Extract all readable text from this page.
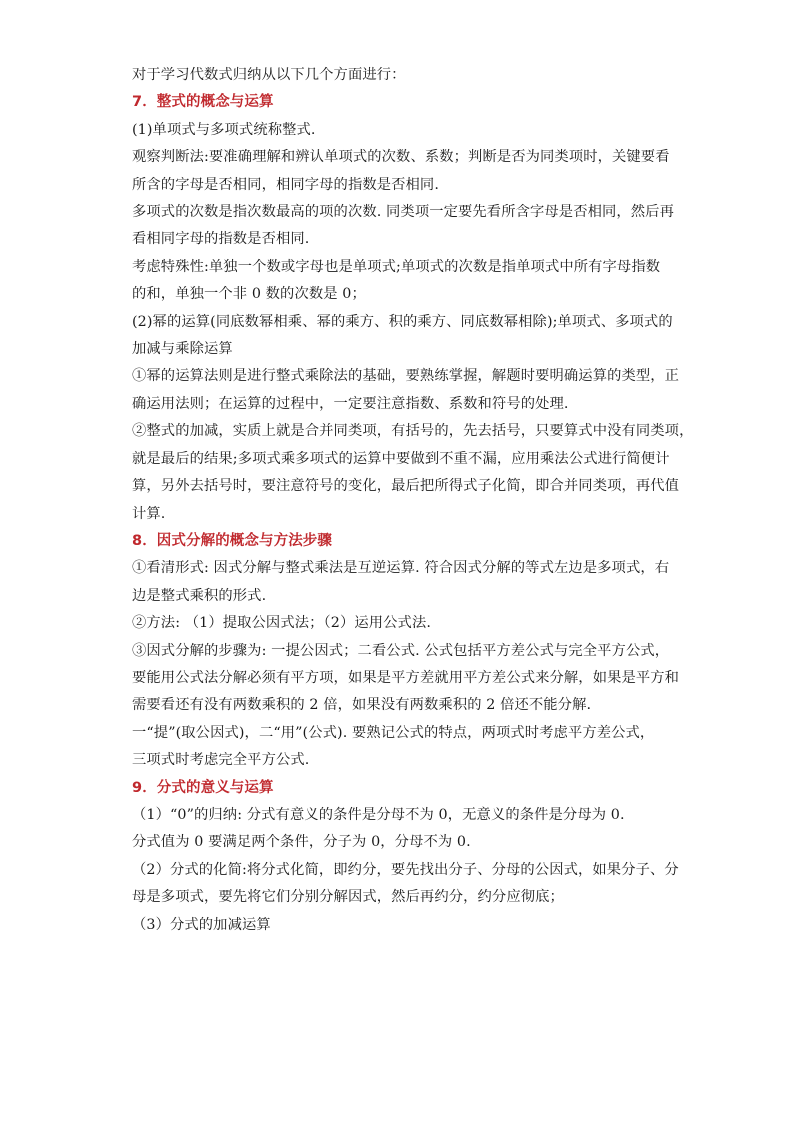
对于学习代数式归纳从以下几个方面进行：

7．整式的概念与运算

(1)单项式与多项式统称整式.

观察判断法:要准确理解和辨认单项式的次数、系数；判断是否为同类项时，关键要看

所含的字母是否相同，相同字母的指数是否相同.

多项式的次数是指次数最高的项的次数. 同类项一定要先看所含字母是否相同，然后再

看相同字母的指数是否相同.

考虑特殊性:单独一个数或字母也是单项式;单项式的次数是指单项式中所有字母指数

的和，单独一个非 0 数的次数是 0；

(2)幂的运算(同底数幂相乘、幂的乘方、积的乘方、同底数幂相除);单项式、多项式的

加减与乘除运算

①幂的运算法则是进行整式乘除法的基础，要熟练掌握，解题时要明确运算的类型，正

确运用法则；在运算的过程中，一定要注意指数、系数和符号的处理.

②整式的加减，实质上就是合并同类项，有括号的，先去括号，只要算式中没有同类项，

就是最后的结果;多项式乘多项式的运算中要做到不重不漏，应用乘法公式进行简便计

算，另外去括号时，要注意符号的变化，最后把所得式子化简，即合并同类项，再代值

计算.

8．因式分解的概念与方法步骤

①看清形式: 因式分解与整式乘法是互逆运算. 符合因式分解的等式左边是多项式，右

边是整式乘积的形式.

②方法: （1）提取公因式法；（2）运用公式法.

③因式分解的步骤为: 一提公因式；二看公式. 公式包括平方差公式与完全平方公式，

要能用公式法分解必须有平方项，如果是平方差就用平方差公式来分解，如果是平方和

需要看还有没有两数乘积的 2 倍，如果没有两数乘积的 2 倍还不能分解.

一“提”(取公因式)，二“用”(公式). 要熟记公式的特点，两项式时考虑平方差公式，

三项式时考虑完全平方公式.

9．分式的意义与运算

（1）“0”的归纳: 分式有意义的条件是分母不为 0，无意义的条件是分母为 0.

分式值为 0 要满足两个条件，分子为 0，分母不为 0.

（2）分式的化简:将分式化简，即约分，要先找出分子、分母的公因式，如果分子、分

母是多项式，要先将它们分别分解因式，然后再约分，约分应彻底；

（3）分式的加减运算
